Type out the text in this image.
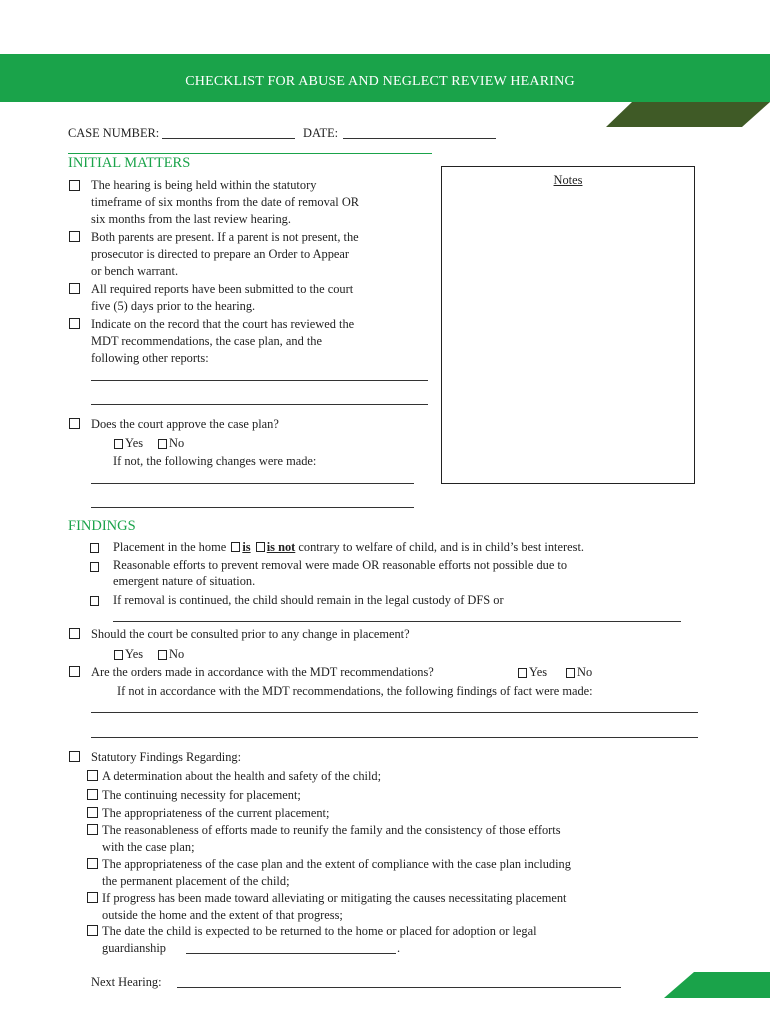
CHECKLIST FOR ABUSE AND NEGLECT REVIEW HEARING
CASE NUMBER:	DATE:
INITIAL MATTERS
The hearing is being held within the statutory
timeframe of six months from the date of removal OR
six months from the last review hearing.
Both parents are present. If a parent is not present, the
prosecutor is directed to prepare an Order to Appear
or bench warrant.
All required reports have been submitted to the court
five (5) days prior to the hearing.
Indicate on the record that the court has reviewed the
MDT recommendations, the case plan, and the
following other reports:
Does the court approve the case plan?
Yes No
If not, the following changes were made:
Notes
FINDINGS
Placement in the home is is not contrary to welfare of child, and is in child’s best interest.
Reasonable efforts to prevent removal were made OR reasonable efforts not possible due to
emergent nature of situation.
If removal is continued, the child should remain in the legal custody of DFS or
Should the court be consulted prior to any change in placement?
Yes No
Are the orders made in accordance with the MDT recommendations?	Yes No
If not in accordance with the MDT recommendations, the following findings of fact were made:
Statutory Findings Regarding:
A determination about the health and safety of the child;
The continuing necessity for placement;
The appropriateness of the current placement;
The reasonableness of efforts made to reunify the family and the consistency of those efforts
with the case plan;
The appropriateness of the case plan and the extent of compliance with the case plan including
the permanent placement of the child;
If progress has been made toward alleviating or mitigating the causes necessitating placement
outside the home and the extent of that progress;
The date the child is expected to be returned to the home or placed for adoption or legal
guardianship	.
Next Hearing:
